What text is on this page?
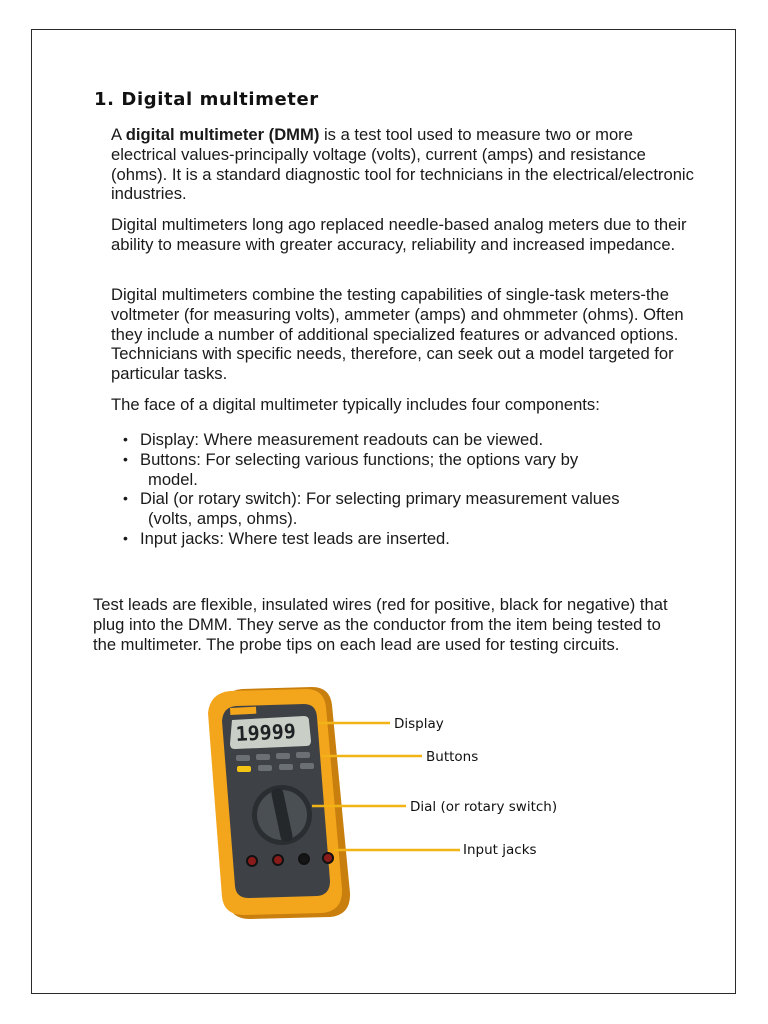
1. Digital multimeter

A digital multimeter (DMM) is a test tool used to measure two or more electrical values-principally voltage (volts), current (amps) and resistance (ohms). It is a standard diagnostic tool for technicians in the electrical/electronic industries.

Digital multimeters long ago replaced needle-based analog meters due to their ability to measure with greater accuracy, reliability and increased impedance.

Digital multimeters combine the testing capabilities of single-task meters-the voltmeter (for measuring volts), ammeter (amps) and ohmmeter (ohms). Often they include a number of additional specialized features or advanced options. Technicians with specific needs, therefore, can seek out a model targeted for particular tasks.

The face of a digital multimeter typically includes four components:

• Display: Where measurement readouts can be viewed.
• Buttons: For selecting various functions; the options vary by
model.
• Dial (or rotary switch): For selecting primary measurement values
(volts, amps, ohms).
• Input jacks: Where test leads are inserted.

Test leads are flexible, insulated wires (red for positive, black for negative) that plug into the DMM. They serve as the conductor from the item being tested to the multimeter. The probe tips on each lead are used for testing circuits.

19999	Display
Buttons
Dial (or rotary switch)
Input jacks
